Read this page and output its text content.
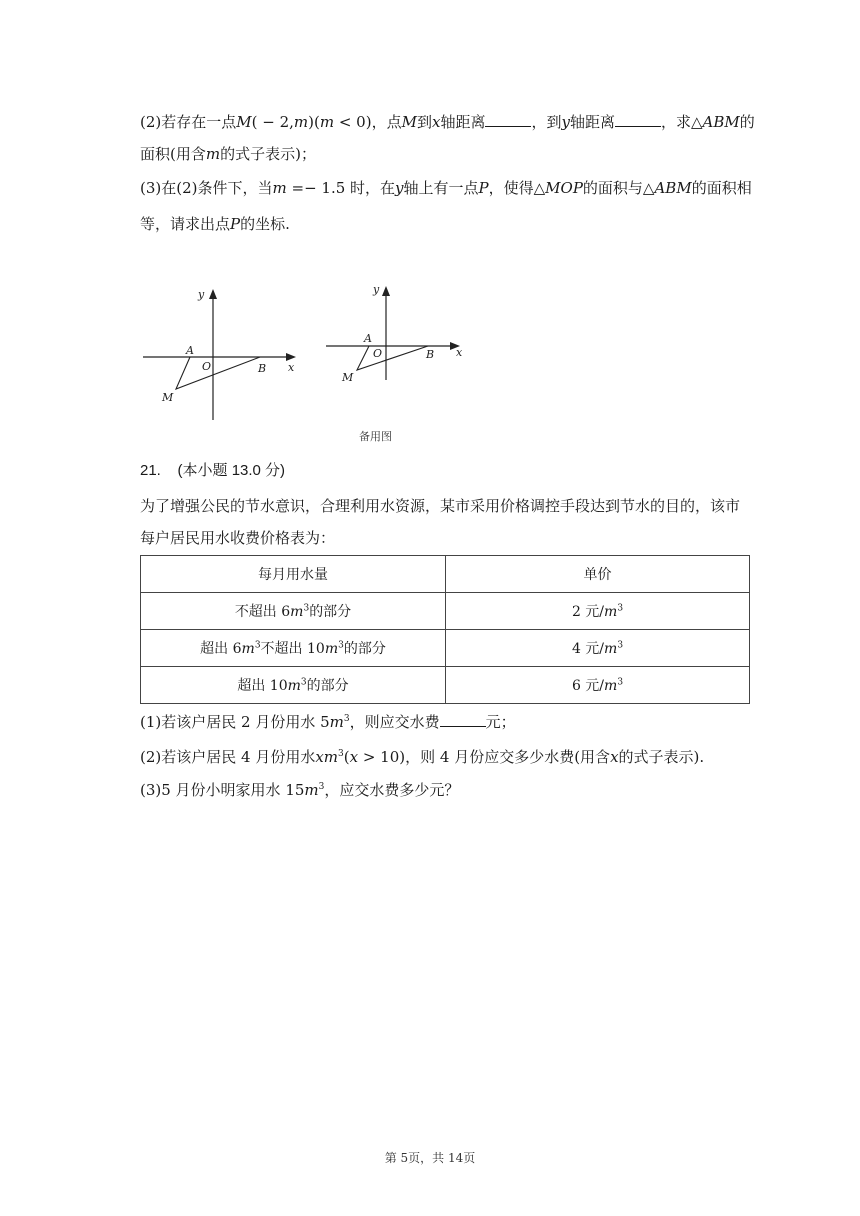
(2)若存在一点M( − 2,m)(m < 0)，点M到x轴距离	，到y轴距离	，求△ABM的
面积(用含m的式子表示)；
(3)在(2)条件下，当m =− 1.5 时，在y轴上有一点P，使得△MOP的面积与△ABM的面积相
等，请求出点P的坐标.
y
x
A
O	B
M
y
x
A
O	B
M
备用图
21. (本小题 13.0 分)
为了增强公民的节水意识，合理利用水资源，某市采用价格调控手段达到节水的目的，该市
每户居民用水收费价格表为：
每月用水量	单价
不超出 $6m^3$的部分	2 元$/m^3$
超出 $6m^3$不超出 $10m^3$的部分	4 元$/m^3$
超出 $10m^3$的部分	6 元$/m^3$
(1)若该户居民 2 月份用水 $5m^3$，则应交水费	元；
(2)若该户居民 4 月份用水$xm^3(x > 10)$，则 4 月份应交多少水费(用含x的式子表示).
(3)5 月份小明家用水 $15m^3$，应交水费多少元？
第 5页，共 14页
